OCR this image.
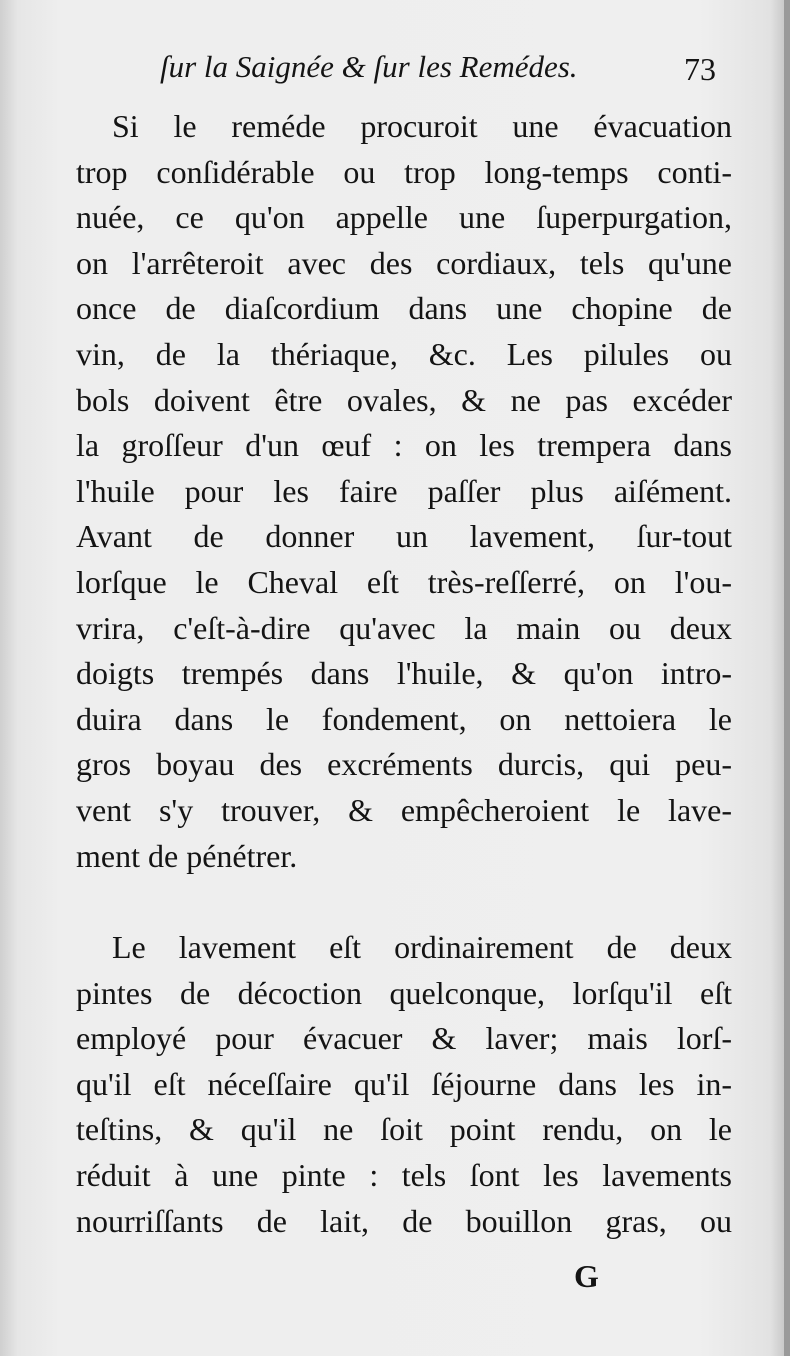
ſur la Saignée & ſur les Remédes.	73
Si le reméde procuroit une évacuation
trop conſidérable ou trop long-temps conti-
nuée, ce qu'on appelle une ſuperpurgation,
on l'arrêteroit avec des cordiaux, tels qu'une
once de diaſcordium dans une chopine de
vin, de la thériaque, &c. Les pilules ou
bols doivent être ovales, & ne pas excéder
la groſſeur d'un œuf : on les trempera dans
l'huile pour les faire paſſer plus aiſément.
Avant de donner un lavement, ſur-tout
lorſque le Cheval eſt très-reſſerré, on l'ou-
vrira, c'eſt-à-dire qu'avec la main ou deux
doigts trempés dans l'huile, & qu'on intro-
duira dans le fondement, on nettoiera le
gros boyau des excréments durcis, qui peu-
vent s'y trouver, & empêcheroient le lave-
ment de pénétrer.
Le lavement eſt ordinairement de deux
pintes de décoction quelconque, lorſqu'il eſt
employé pour évacuer & laver; mais lorſ-
qu'il eſt néceſſaire qu'il ſéjourne dans les in-
teſtins, & qu'il ne ſoit point rendu, on le
réduit à une pinte : tels ſont les lavements
nourriſſants de lait, de bouillon gras, ou
G
